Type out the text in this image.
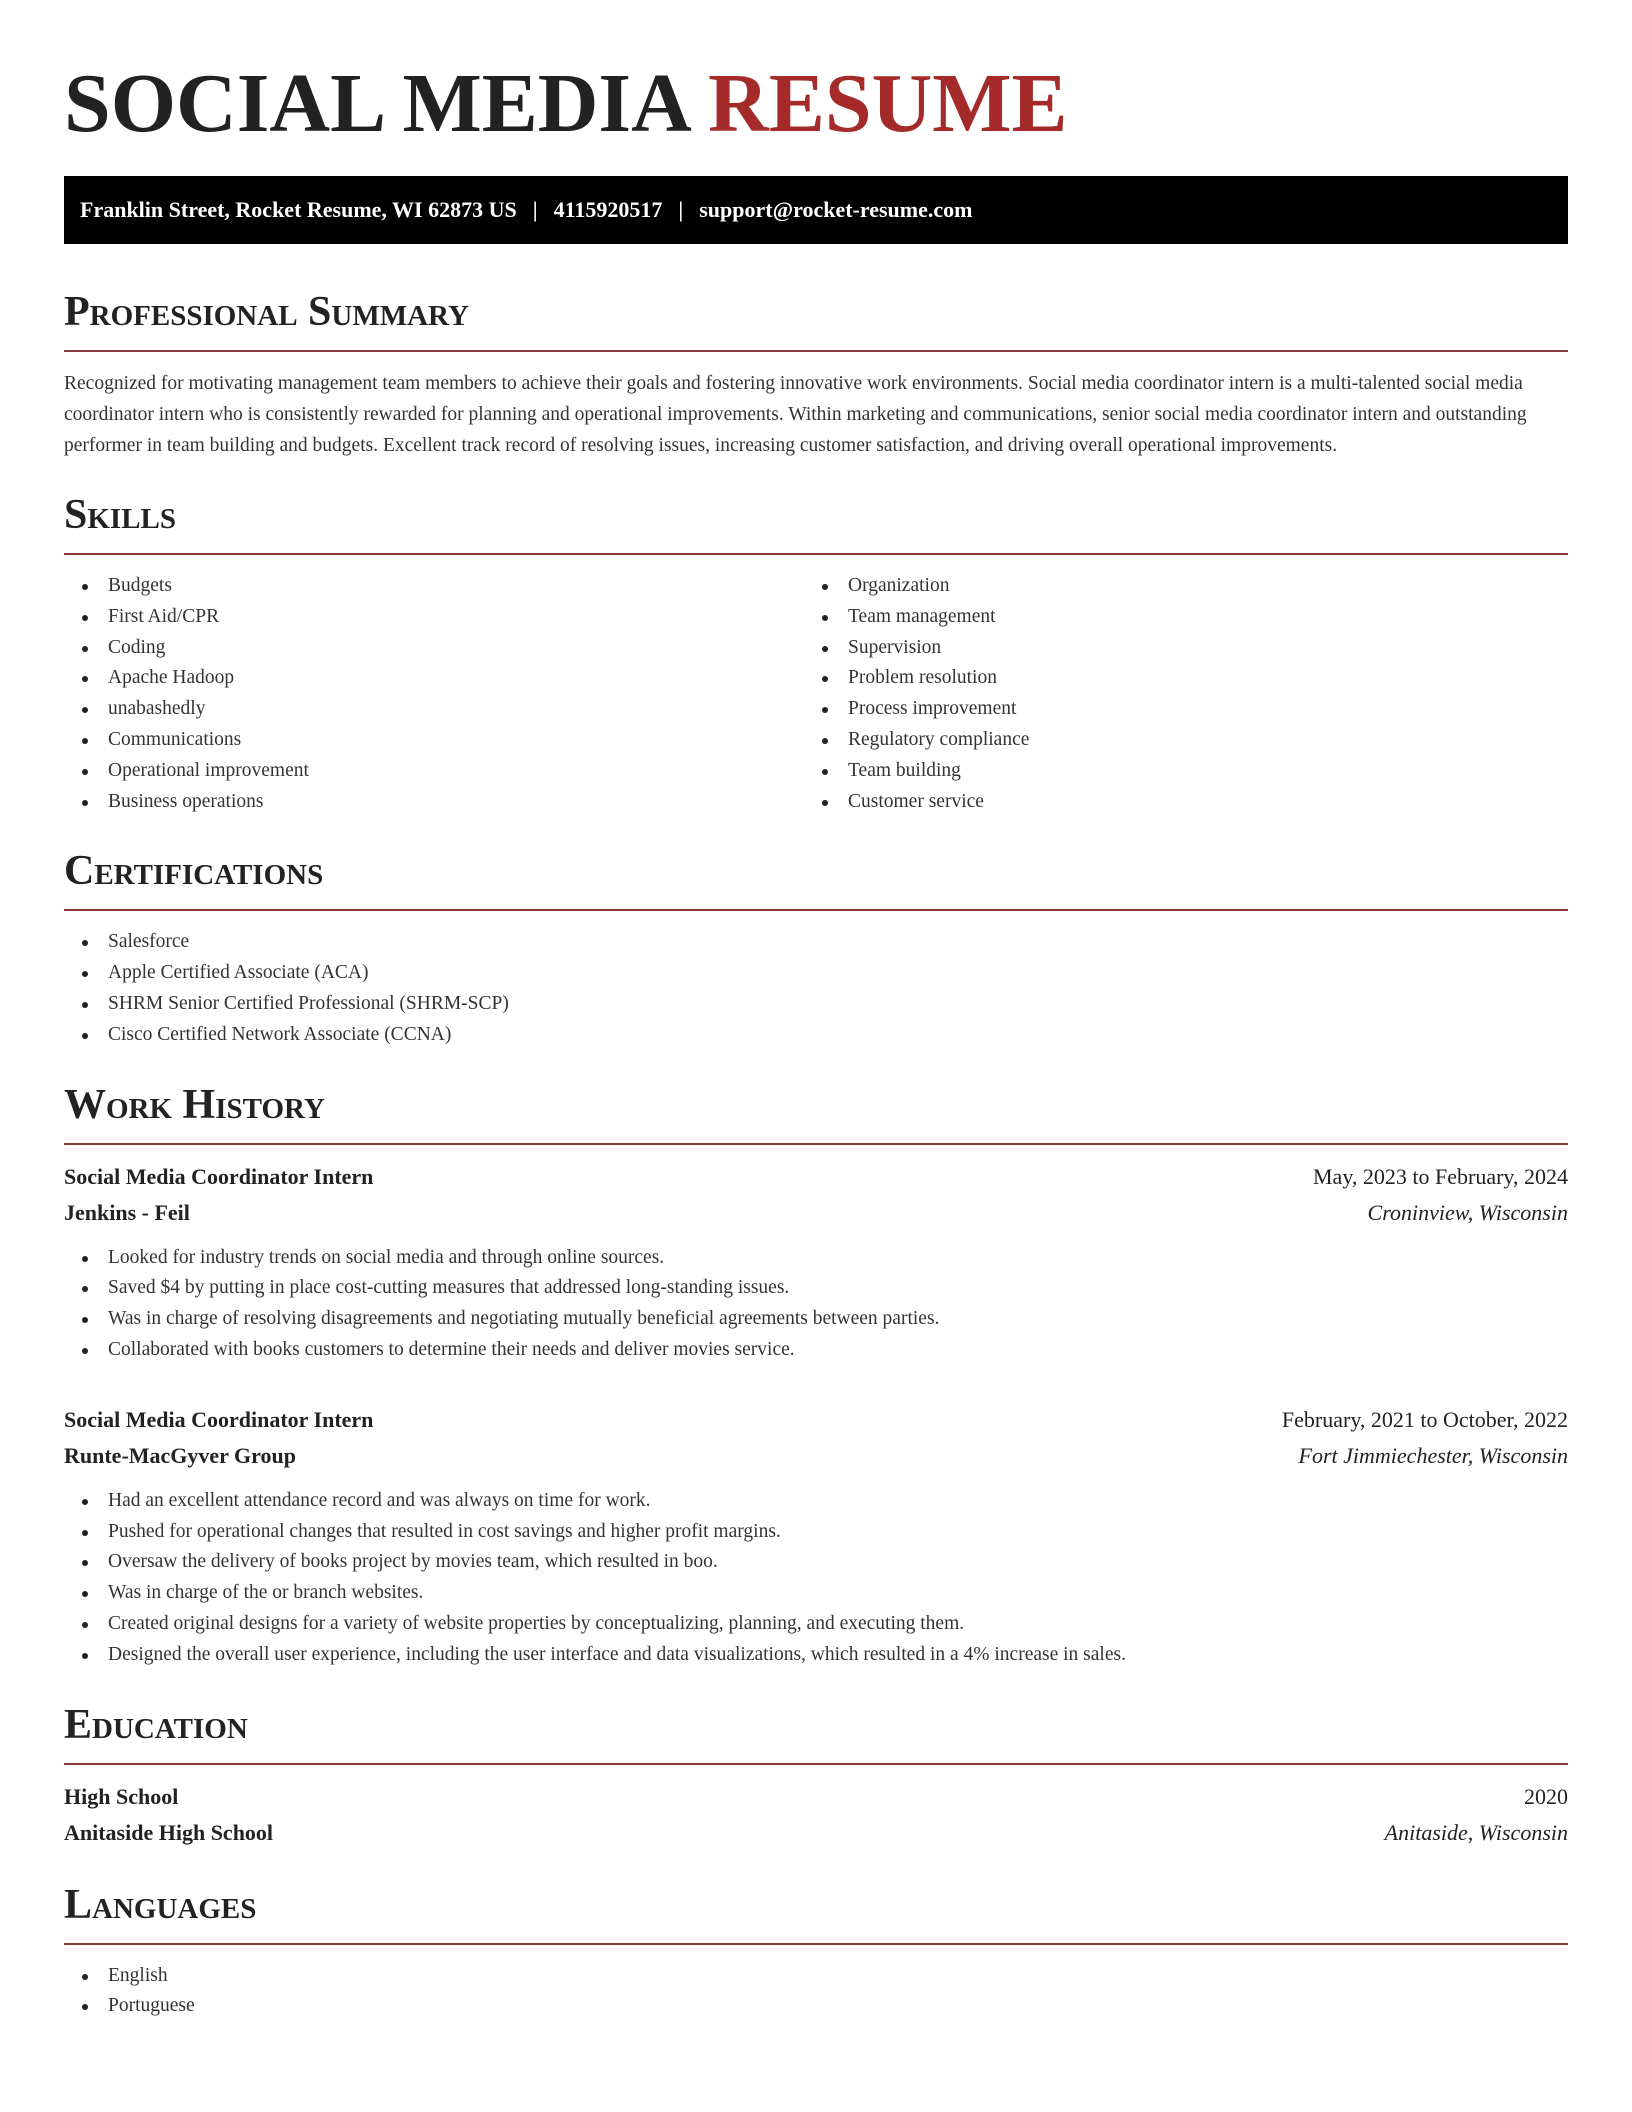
SOCIAL MEDIA RESUME
Franklin Street, Rocket Resume, WI 62873 US | 4115920517 | support@rocket-resume.com
Professional Summary
Recognized for motivating management team members to achieve their goals and fostering innovative work environments. Social media coordinator intern is a multi-talented social media coordinator intern who is consistently rewarded for planning and operational improvements. Within marketing and communications, senior social media coordinator intern and outstanding performer in team building and budgets. Excellent track record of resolving issues, increasing customer satisfaction, and driving overall operational improvements.
Skills
Budgets
First Aid/CPR
Coding
Apache Hadoop
unabashedly
Communications
Operational improvement
Business operations
Organization
Team management
Supervision
Problem resolution
Process improvement
Regulatory compliance
Team building
Customer service
Certifications
Salesforce
Apple Certified Associate (ACA)
SHRM Senior Certified Professional (SHRM-SCP)
Cisco Certified Network Associate (CCNA)
Work History
Social Media Coordinator Intern	May, 2023 to February, 2024
Jenkins - Feil	Croninview, Wisconsin
Looked for industry trends on social media and through online sources.
Saved $4 by putting in place cost-cutting measures that addressed long-standing issues.
Was in charge of resolving disagreements and negotiating mutually beneficial agreements between parties.
Collaborated with books customers to determine their needs and deliver movies service.
Social Media Coordinator Intern	February, 2021 to October, 2022
Runte-MacGyver Group	Fort Jimmiechester, Wisconsin
Had an excellent attendance record and was always on time for work.
Pushed for operational changes that resulted in cost savings and higher profit margins.
Oversaw the delivery of books project by movies team, which resulted in boo.
Was in charge of the or branch websites.
Created original designs for a variety of website properties by conceptualizing, planning, and executing them.
Designed the overall user experience, including the user interface and data visualizations, which resulted in a 4% increase in sales.
Education
High School	2020
Anitaside High School	Anitaside, Wisconsin
Languages
English
Portuguese
